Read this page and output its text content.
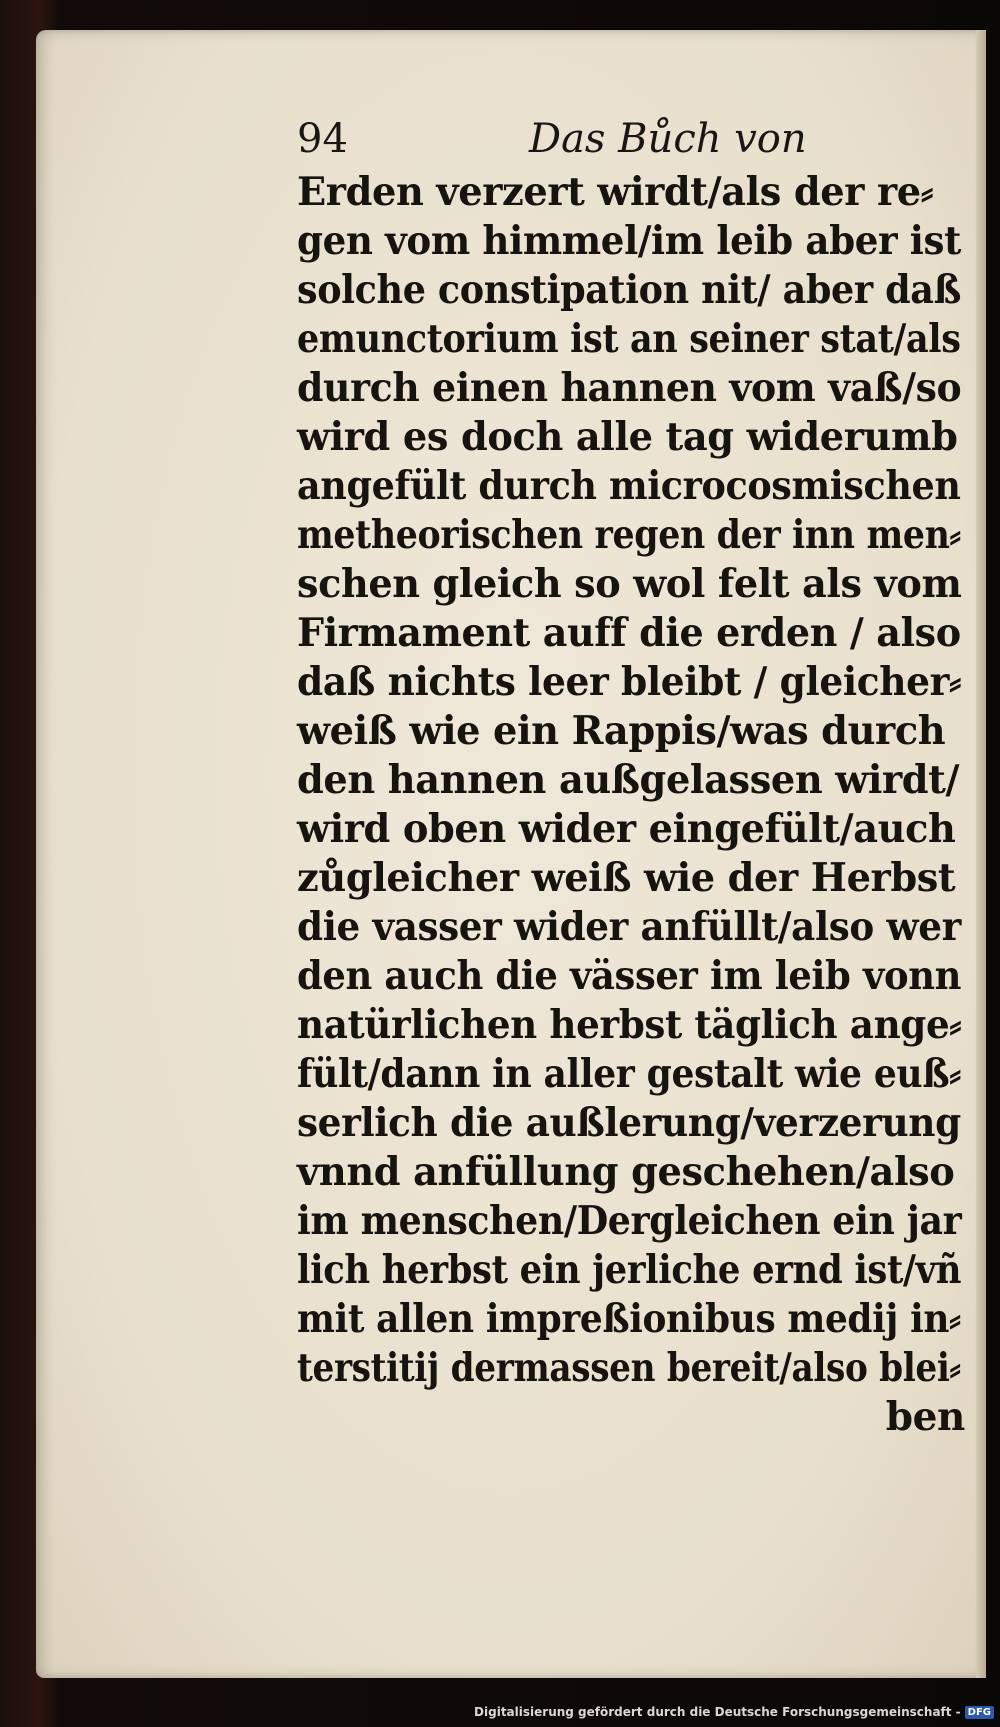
94	Das Bůch von
Erden verzert wirdt/als der re⸗
gen vom himmel/im leib aber ist
solche constipation nit/ aber daß
emunctorium ist an seiner stat/als
durch einen hannen vom vaß/so
wird es doch alle tag widerumb
angefült durch microcosmischen
metheorischen regen der inn men⸗
schen gleich so wol felt als vom
Firmament auff die erden / also
daß nichts leer bleibt / gleicher⸗
weiß wie ein Rappis/was durch
den hannen außgelassen wirdt/
wird oben wider eingefült/auch
zůgleicher weiß wie der Herbst
die vasser wider anfüllt/also wer
den auch die vässer im leib vonn
natürlichen herbst täglich ange⸗
fült/dann in aller gestalt wie euß⸗
serlich die außlerung/verzerung
vnnd anfüllung geschehen/also
im menschen/Dergleichen ein jar
lich herbst ein jerliche ernd ist/vñ
mit allen impreßionibus medij in⸗
terstitij dermassen bereit/also blei⸗
ben
Digitalisierung gefördert durch die Deutsche Forschungsgemeinschaft - DFG
